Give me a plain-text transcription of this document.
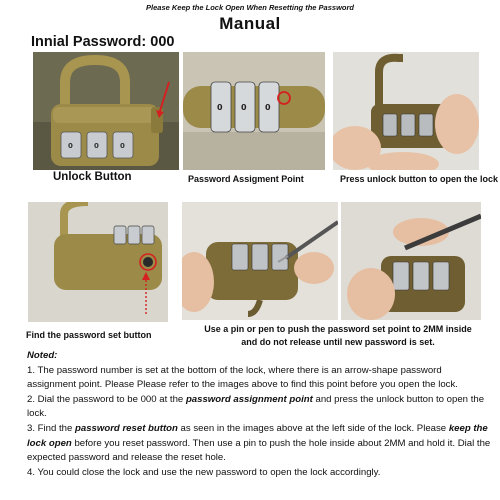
Please Keep the Lock Open When Resetting the Password
Manual
Innial Password: 000
0	0	0
0 0 0
Unlock Button	Password Assigment Point	Press unlock button to open the lock
Find the password set button
Use a pin or pen to push the password set point to 2MM inside and do not release until new password is set.

Noted:

1. The password number is set at the bottom of the lock, where there is an arrow-shape password assignment point. Please Please refer to the images above to find this point before you open the lock.

2. Dial the password to be 000 at the password assignment point and press the unlock button to open the lock.

3. Find the password reset button as seen in the images above at the left side of the lock. Please keep the lock open before you reset password. Then use a pin to push the hole inside about 2MM and hold it. Dial the expected password and release the reset hole.

4. You could close the lock and use the new password to open the lock accordingly.
